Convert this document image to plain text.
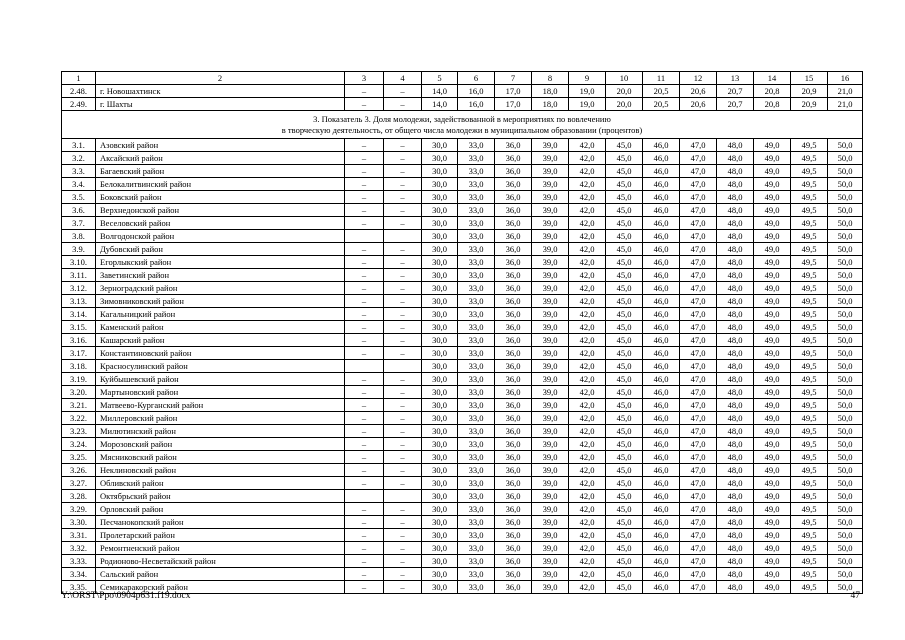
1	2	3	4	5	6	7	8	9	10	11	12	13	14	15	16
2.48.	г. Новошахтинск	–	–	14,0	16,0	17,0	18,0	19,0	20,0	20,5	20,6	20,7	20,8	20,9	21,0
2.49.	г. Шахты	–	–	14,0	16,0	17,0	18,0	19,0	20,0	20,5	20,6	20,7	20,8	20,9	21,0

3. Показатель 3. Доля молодежи, задействованной в мероприятиях по вовлечению
в творческую деятельность, от общего числа молодежи в муниципальном образовании (процентов)															

3.1.	Азовский район	–	–	30,0	33,0	36,0	39,0	42,0	45,0	46,0	47,0	48,0	49,0	49,5	50,0
3.2.	Аксайский район	–	–	30,0	33,0	36,0	39,0	42,0	45,0	46,0	47,0	48,0	49,0	49,5	50,0
3.3.	Багаевский район	–	–	30,0	33,0	36,0	39,0	42,0	45,0	46,0	47,0	48,0	49,0	49,5	50,0
3.4.	Белокалитвинский район	–	–	30,0	33,0	36,0	39,0	42,0	45,0	46,0	47,0	48,0	49,0	49,5	50,0
3.5.	Боковский район	–	–	30,0	33,0	36,0	39,0	42,0	45,0	46,0	47,0	48,0	49,0	49,5	50,0
3.6.	Верхнедонской район	–	–	30,0	33,0	36,0	39,0	42,0	45,0	46,0	47,0	48,0	49,0	49,5	50,0
3.7.	Веселовский район	–	–	30,0	33,0	36,0	39,0	42,0	45,0	46,0	47,0	48,0	49,0	49,5	50,0
3.8.	Волгодонской район			30,0	33,0	36,0	39,0	42,0	45,0	46,0	47,0	48,0	49,0	49,5	50,0
3.9.	Дубовский район	–	–	30,0	33,0	36,0	39,0	42,0	45,0	46,0	47,0	48,0	49,0	49,5	50,0
3.10.	Егорлыкский район	–	–	30,0	33,0	36,0	39,0	42,0	45,0	46,0	47,0	48,0	49,0	49,5	50,0
3.11.	Заветинский район	–	–	30,0	33,0	36,0	39,0	42,0	45,0	46,0	47,0	48,0	49,0	49,5	50,0
3.12.	Зерноградский район	–	–	30,0	33,0	36,0	39,0	42,0	45,0	46,0	47,0	48,0	49,0	49,5	50,0
3.13.	Зимовниковский район	–	–	30,0	33,0	36,0	39,0	42,0	45,0	46,0	47,0	48,0	49,0	49,5	50,0
3.14.	Кагальницкий район	–	–	30,0	33,0	36,0	39,0	42,0	45,0	46,0	47,0	48,0	49,0	49,5	50,0
3.15.	Каменский район	–	–	30,0	33,0	36,0	39,0	42,0	45,0	46,0	47,0	48,0	49,0	49,5	50,0
3.16.	Кашарский район	–	–	30,0	33,0	36,0	39,0	42,0	45,0	46,0	47,0	48,0	49,0	49,5	50,0
3.17.	Константиновский район	–	–	30,0	33,0	36,0	39,0	42,0	45,0	46,0	47,0	48,0	49,0	49,5	50,0
3.18.	Красносулинский район			30,0	33,0	36,0	39,0	42,0	45,0	46,0	47,0	48,0	49,0	49,5	50,0
3.19.	Куйбышевский район	–	–	30,0	33,0	36,0	39,0	42,0	45,0	46,0	47,0	48,0	49,0	49,5	50,0
3.20.	Мартыновский район	–	–	30,0	33,0	36,0	39,0	42,0	45,0	46,0	47,0	48,0	49,0	49,5	50,0
3.21.	Матвеево-Курганский район	–	–	30,0	33,0	36,0	39,0	42,0	45,0	46,0	47,0	48,0	49,0	49,5	50,0
3.22.	Миллеровский район	–	–	30,0	33,0	36,0	39,0	42,0	45,0	46,0	47,0	48,0	49,0	49,5	50,0
3.23.	Милютинский район	–	–	30,0	33,0	36,0	39,0	42,0	45,0	46,0	47,0	48,0	49,0	49,5	50,0
3.24.	Морозовский район	–	–	30,0	33,0	36,0	39,0	42,0	45,0	46,0	47,0	48,0	49,0	49,5	50,0
3.25.	Мясниковский район	–	–	30,0	33,0	36,0	39,0	42,0	45,0	46,0	47,0	48,0	49,0	49,5	50,0
3.26.	Неклиновский район	–	–	30,0	33,0	36,0	39,0	42,0	45,0	46,0	47,0	48,0	49,0	49,5	50,0
3.27.	Обливский район	–	–	30,0	33,0	36,0	39,0	42,0	45,0	46,0	47,0	48,0	49,0	49,5	50,0
3.28.	Октябрьский район			30,0	33,0	36,0	39,0	42,0	45,0	46,0	47,0	48,0	49,0	49,5	50,0
3.29.	Орловский район	–	–	30,0	33,0	36,0	39,0	42,0	45,0	46,0	47,0	48,0	49,0	49,5	50,0
3.30.	Песчанокопский район	–	–	30,0	33,0	36,0	39,0	42,0	45,0	46,0	47,0	48,0	49,0	49,5	50,0
3.31.	Пролетарский район	–	–	30,0	33,0	36,0	39,0	42,0	45,0	46,0	47,0	48,0	49,0	49,5	50,0
3.32.	Ремонтненский район	–	–	30,0	33,0	36,0	39,0	42,0	45,0	46,0	47,0	48,0	49,0	49,5	50,0
3.33.	Родионово-Несветайский район	–	–	30,0	33,0	36,0	39,0	42,0	45,0	46,0	47,0	48,0	49,0	49,5	50,0
3.34.	Сальский район	–	–	30,0	33,0	36,0	39,0	42,0	45,0	46,0	47,0	48,0	49,0	49,5	50,0
3.35.	Семикаракорский район	–	–	30,0	33,0	36,0	39,0	42,0	45,0	46,0	47,0	48,0	49,0	49,5	50,0
Y:\ORST\Ppo\0904p631.f19.docx	47
